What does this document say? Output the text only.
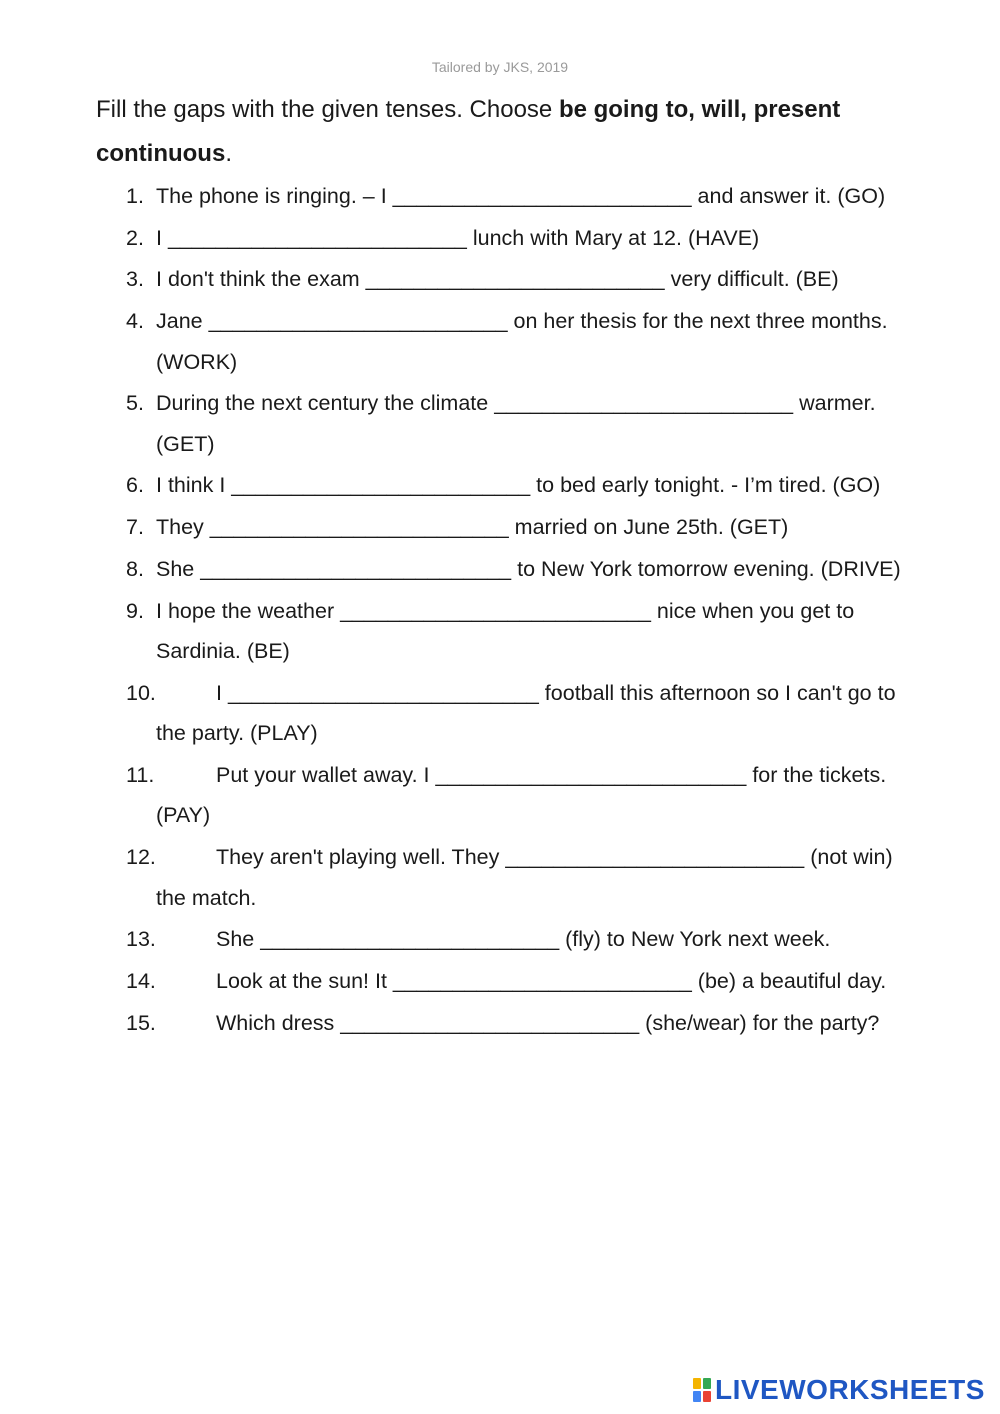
Tailored by JKS, 2019
Fill the gaps with the given tenses. Choose be going to, will, present continuous.
1. The phone is ringing. – I _________________________ and answer it. (GO)
2. I _________________________ lunch with Mary at 12. (HAVE)
3. I don't think the exam _________________________ very difficult. (BE)
4. Jane _________________________ on her thesis for the next three months. (WORK)
5. During the next century the climate _________________________ warmer. (GET)
6. I think I _________________________ to bed early tonight. - I’m tired. (GO)
7. They _________________________ married on June 25th. (GET)
8. She __________________________ to New York tomorrow evening. (DRIVE)
9. I hope the weather __________________________ nice when you get to Sardinia. (BE)
10.	I __________________________ football this afternoon so I can't go to the party. (PLAY)
11.	Put your wallet away. I __________________________ for the tickets. (PAY)
12.	They aren't playing well. They _________________________ (not win) the match.
13.	She _________________________ (fly) to New York next week.
14.	Look at the sun! It _________________________ (be) a beautiful day.
15.	Which dress _________________________ (she/wear) for the party?
LIVEWORKSHEETS
